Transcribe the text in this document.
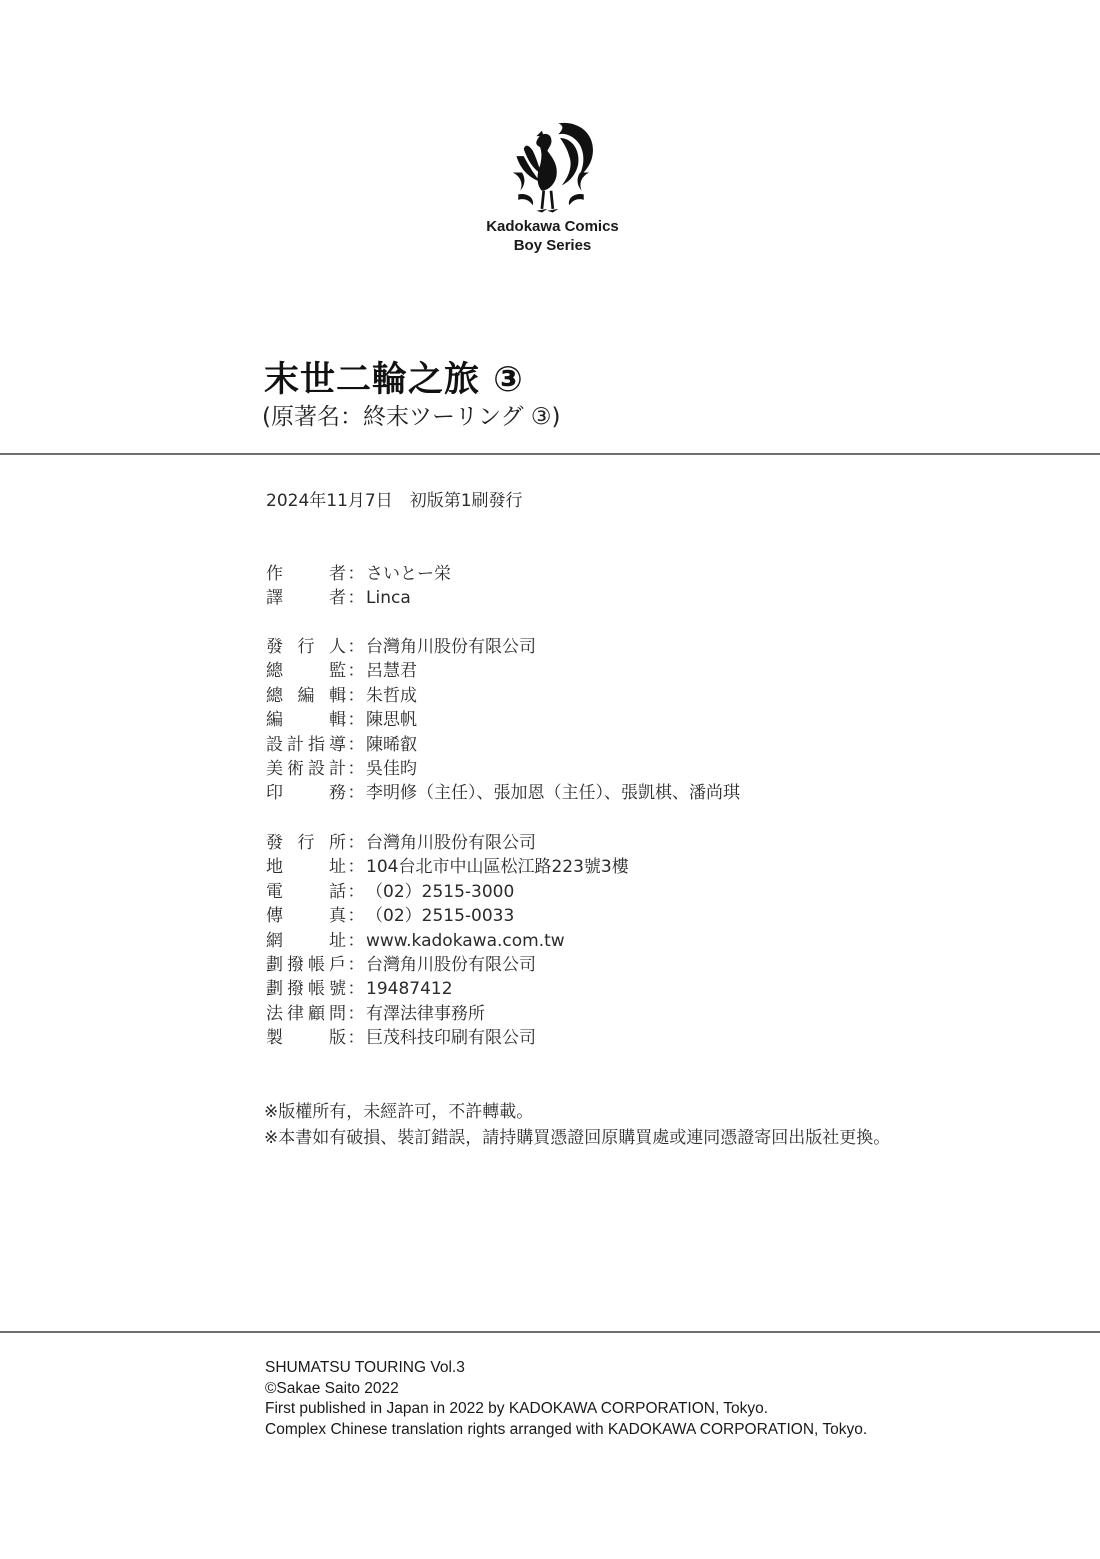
Kadokawa Comics
Boy Series
末世二輪之旅 ③
(原著名：終末ツーリング ③)
2024年11月7日　初版第1刷發行
作	者 ： さいとー栄
譯	者 ： Linca
發 行 人 ： 台灣角川股份有限公司
總	監 ： 呂慧君
總 編 輯 ： 朱哲成
編	輯 ： 陳思帆
設 計 指 導 ： 陳晞叡
美 術 設 計 ： 吳佳昀
印	務 ： 李明修（主任）、張加恩（主任）、張凱棋、潘尚琪
發 行 所 ： 台灣角川股份有限公司
地	址 ： 104台北市中山區松江路223號3樓
電	話 ： （02）2515-3000
傳	真 ： （02）2515-0033
網	址 ： www.kadokawa.com.tw
劃 撥 帳 戶 ： 台灣角川股份有限公司
劃 撥 帳 號 ： 19487412
法 律 顧 問 ： 有澤法律事務所
製	版 ： 巨茂科技印刷有限公司
※版權所有，未經許可，不許轉載。
※本書如有破損、裝訂錯誤，請持購買憑證回原購買處或連同憑證寄回出版社更換。
SHUMATSU TOURING Vol.3
©Sakae Saito 2022
First published in Japan in 2022 by KADOKAWA CORPORATION, Tokyo.
Complex Chinese translation rights arranged with KADOKAWA CORPORATION, Tokyo.
